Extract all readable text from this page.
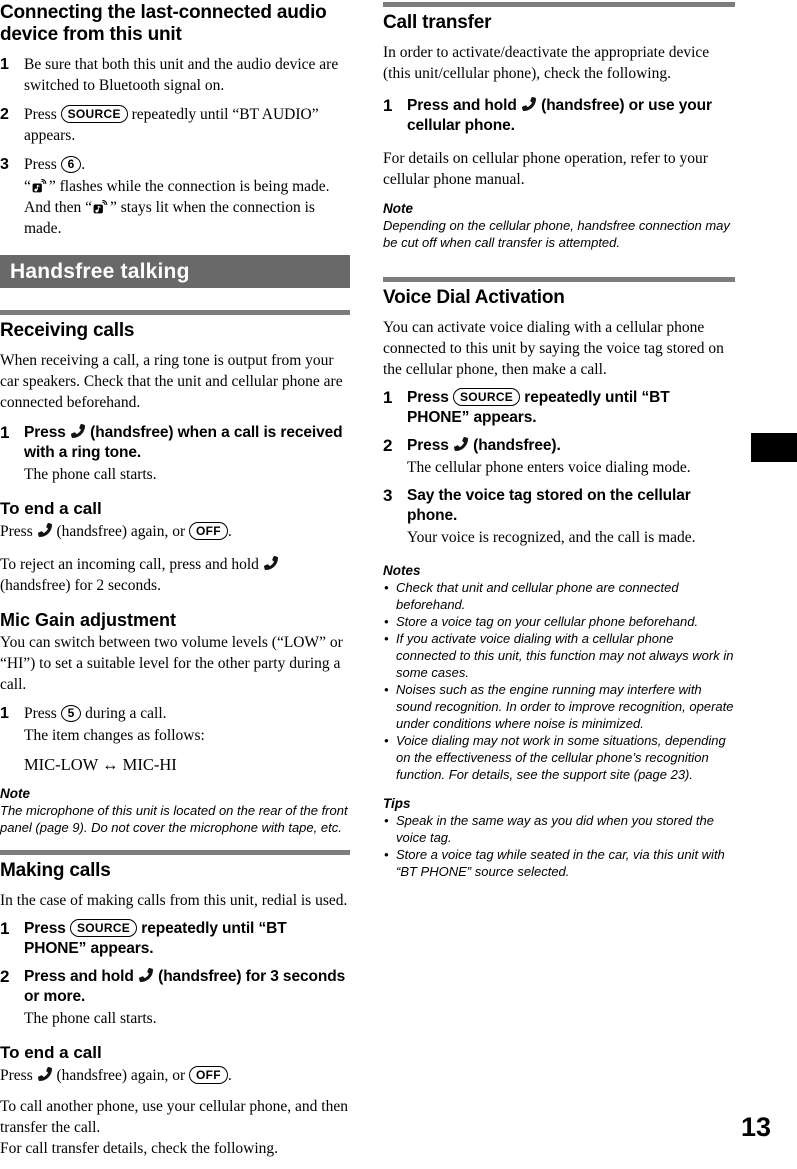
Connecting the last-connected audio device from this unit
1 Be sure that both this unit and the audio device are switched to Bluetooth signal on.
2 Press SOURCE repeatedly until “BT AUDIO” appears.
3 Press 6 .
“ ” flashes while the connection is being made. And then “ ” stays lit when the connection is made.
Handsfree talking
Receiving calls

When receiving a call, a ring tone is output from your car speakers. Check that the unit and cellular phone are connected beforehand.

1 Press  (handsfree) when a call is received with a ring tone.
The phone call starts.
To end a call

Press  (handsfree) again, or OFF .

To reject an incoming call, press and hold  (handsfree) for 2 seconds.

Mic Gain adjustment

You can switch between two volume levels (“LOW” or “HI”) to set a suitable level for the other party during a call.

1 Press 5 during a call.
The item changes as follows:
MIC-LOW ↔ MIC-HI

Note

The microphone of this unit is located on the rear of the front panel (page 9). Do not cover the microphone with tape, etc.

Making calls

In the case of making calls from this unit, redial is used.

1 Press SOURCE repeatedly until “BT PHONE” appears.
2 Press and hold  (handsfree) for 3 seconds or more.
The phone call starts.
To end a call

Press  (handsfree) again, or OFF .

To call another phone, use your cellular phone, and then transfer the call.

For call transfer details, check the following.

Call transfer

In order to activate/deactivate the appropriate device (this unit/cellular phone), check the following.

1 Press and hold  (handsfree) or use your cellular phone.

For details on cellular phone operation, refer to your cellular phone manual.

Note

Depending on the cellular phone, handsfree connection may be cut off when call transfer is attempted.

Voice Dial Activation

You can activate voice dialing with a cellular phone connected to this unit by saying the voice tag stored on the cellular phone, then make a call.

1 Press SOURCE repeatedly until “BT PHONE” appears.
2 Press  (handsfree).
The cellular phone enters voice dialing mode.
3 Say the voice tag stored on the cellular phone.
Your voice is recognized, and the call is made.

Notes

• Check that unit and cellular phone are connected beforehand.
• Store a voice tag on your cellular phone beforehand.
• If you activate voice dialing with a cellular phone connected to this unit, this function may not always work in some cases.
• Noises such as the engine running may interfere with sound recognition. In order to improve recognition, operate under conditions where noise is minimized.
• Voice dialing may not work in some situations, depending on the effectiveness of the cellular phone’s recognition function. For details, see the support site (page 23).

Tips

• Speak in the same way as you did when you stored the voice tag.
• Store a voice tag while seated in the car, via this unit with “BT PHONE” source selected.
13
